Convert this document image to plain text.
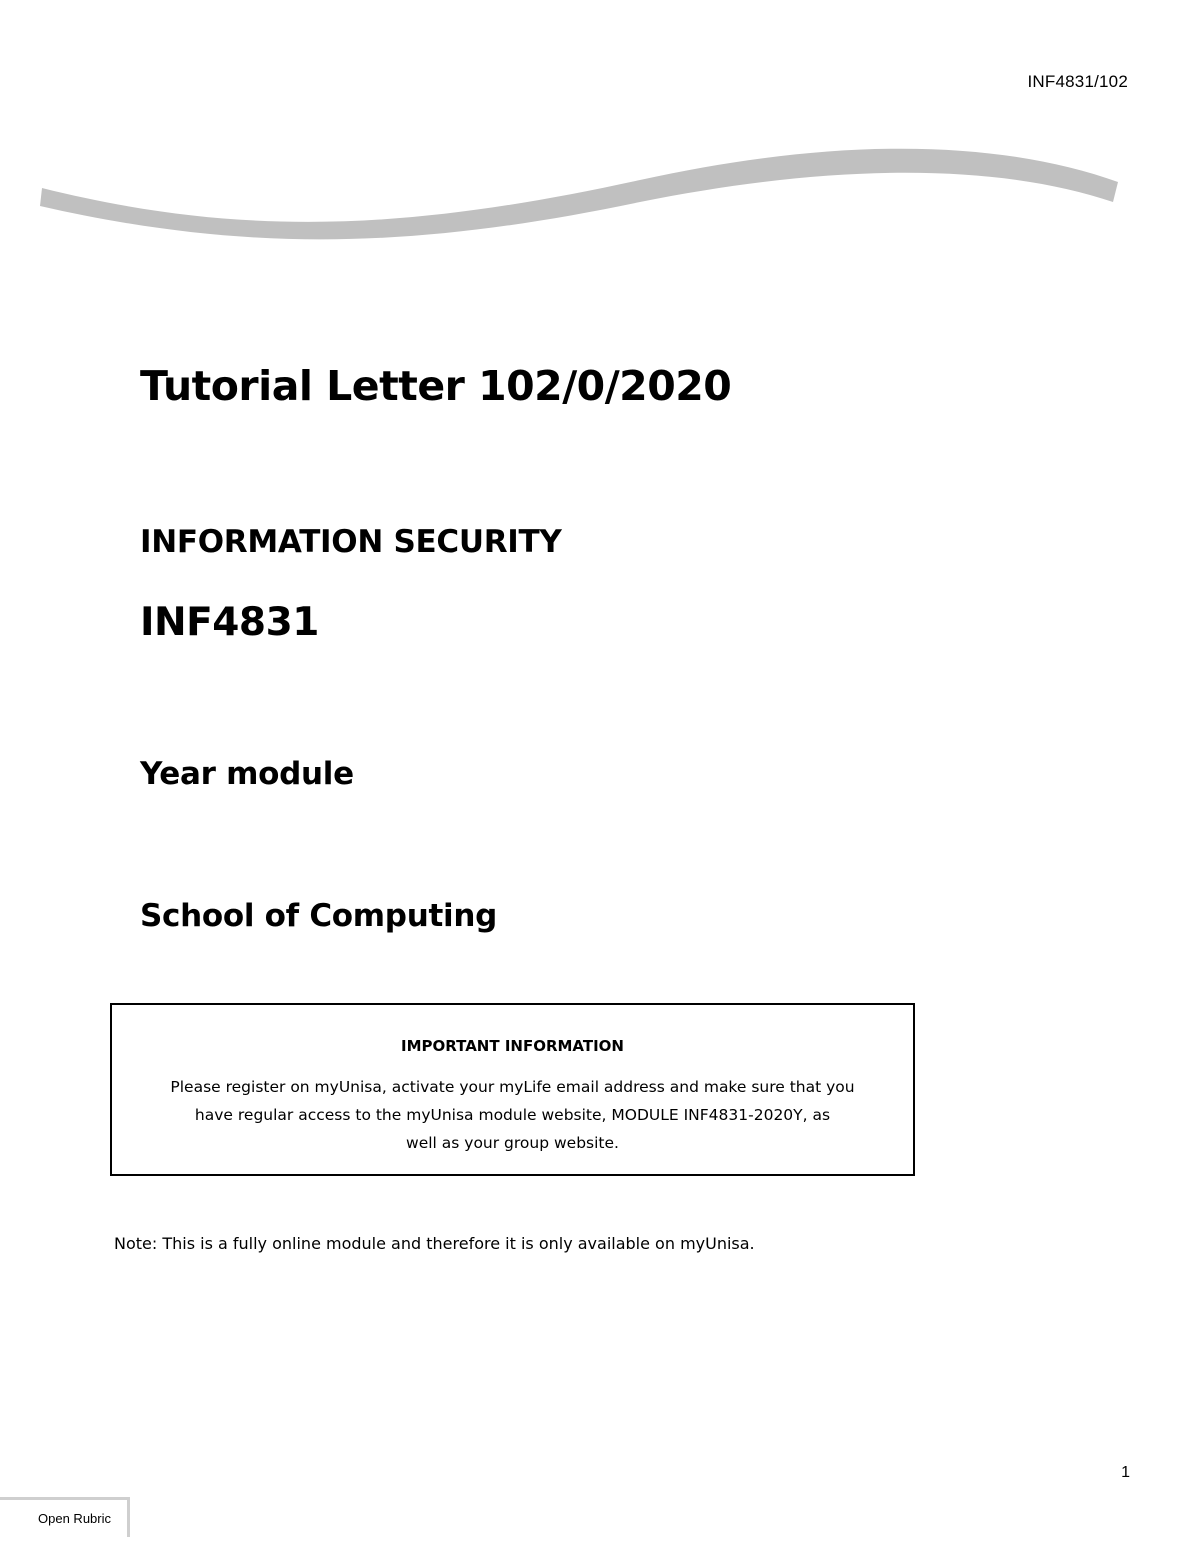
INF4831/102
Tutorial Letter 102/0/2020
INFORMATION SECURITY
INF4831
Year module
School of Computing
IMPORTANT INFORMATION
Please register on myUnisa, activate your myLife email address and make sure that you
have regular access to the myUnisa module website, MODULE INF4831-2020Y, as
well as your group website.
Note: This is a fully online module and therefore it is only available on myUnisa.
1
Open Rubric
